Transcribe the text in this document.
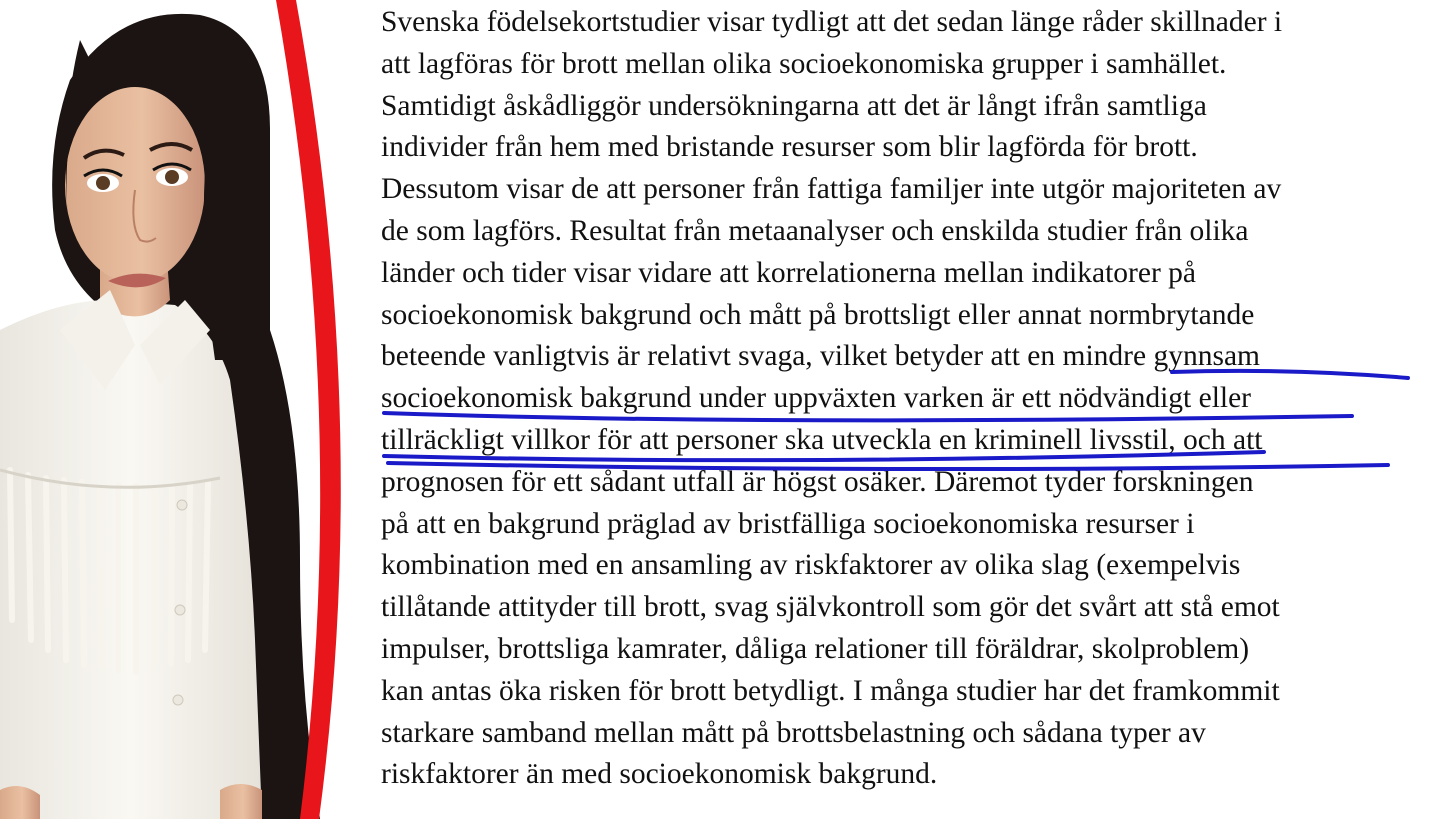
Svenska födelsekortstudier visar tydligt att det sedan länge råder skillnader i
att lagföras för brott mellan olika socioekonomiska grupper i samhället.
Samtidigt åskådliggör undersökningarna att det är långt ifrån samtliga
individer från hem med bristande resurser som blir lagförda för brott.
Dessutom visar de att personer från fattiga familjer inte utgör majoriteten av
de som lagförs. Resultat från metaanalyser och enskilda studier från olika
länder och tider visar vidare att korrelationerna mellan indikatorer på
socioekonomisk bakgrund och mått på brottsligt eller annat normbrytande
beteende vanligtvis är relativt svaga, vilket betyder att en mindre gynnsam
socioekonomisk bakgrund under uppväxten varken är ett nödvändigt eller
tillräckligt villkor för att personer ska utveckla en kriminell livsstil, och att
prognosen för ett sådant utfall är högst osäker. Däremot tyder forskningen
på att en bakgrund präglad av bristfälliga socioekonomiska resurser i
kombination med en ansamling av riskfaktorer av olika slag (exempelvis
tillåtande attityder till brott, svag självkontroll som gör det svårt att stå emot
impulser, brottsliga kamrater, dåliga relationer till föräldrar, skolproblem)
kan antas öka risken för brott betydligt. I många studier har det framkommit
starkare samband mellan mått på brottsbelastning och sådana typer av
riskfaktorer än med socioekonomisk bakgrund.
